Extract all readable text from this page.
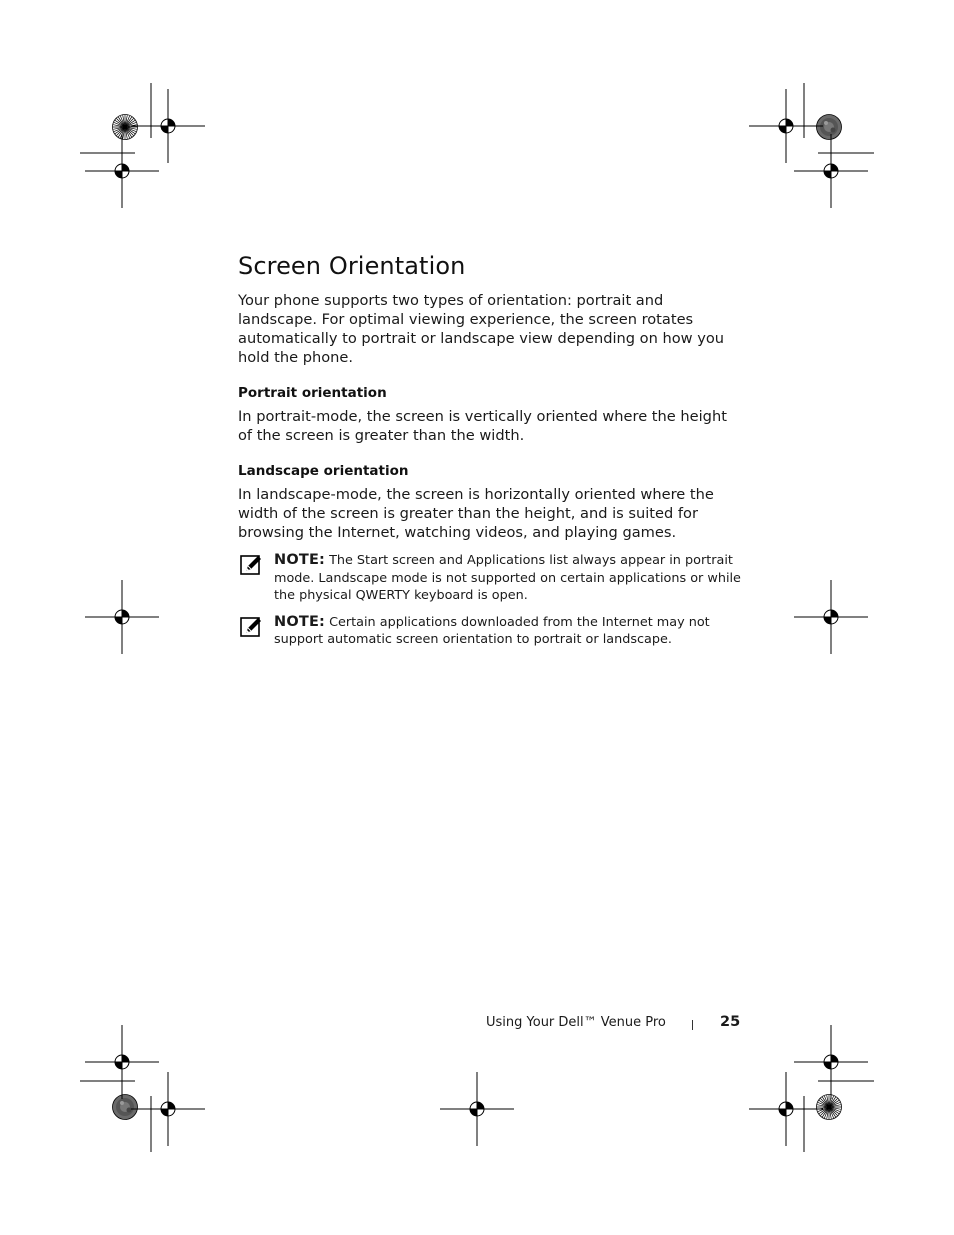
Screen Orientation

Your phone supports two types of orientation: portrait and landscape. For optimal viewing experience, the screen rotates automatically to portrait or landscape view depending on how you hold the phone.

Portrait orientation

In portrait-mode, the screen is vertically oriented where the height of the screen is greater than the width.

Landscape orientation

In landscape-mode, the screen is horizontally oriented where the width of the screen is greater than the height, and is suited for browsing the Internet, watching videos, and playing games.

NOTE: The Start screen and Applications list always appear in portrait mode. Landscape mode is not supported on certain applications or while the physical QWERTY keyboard is open.
NOTE: Certain applications downloaded from the Internet may not support automatic screen orientation to portrait or landscape.
Using Your Dell™ Venue Pro	25
